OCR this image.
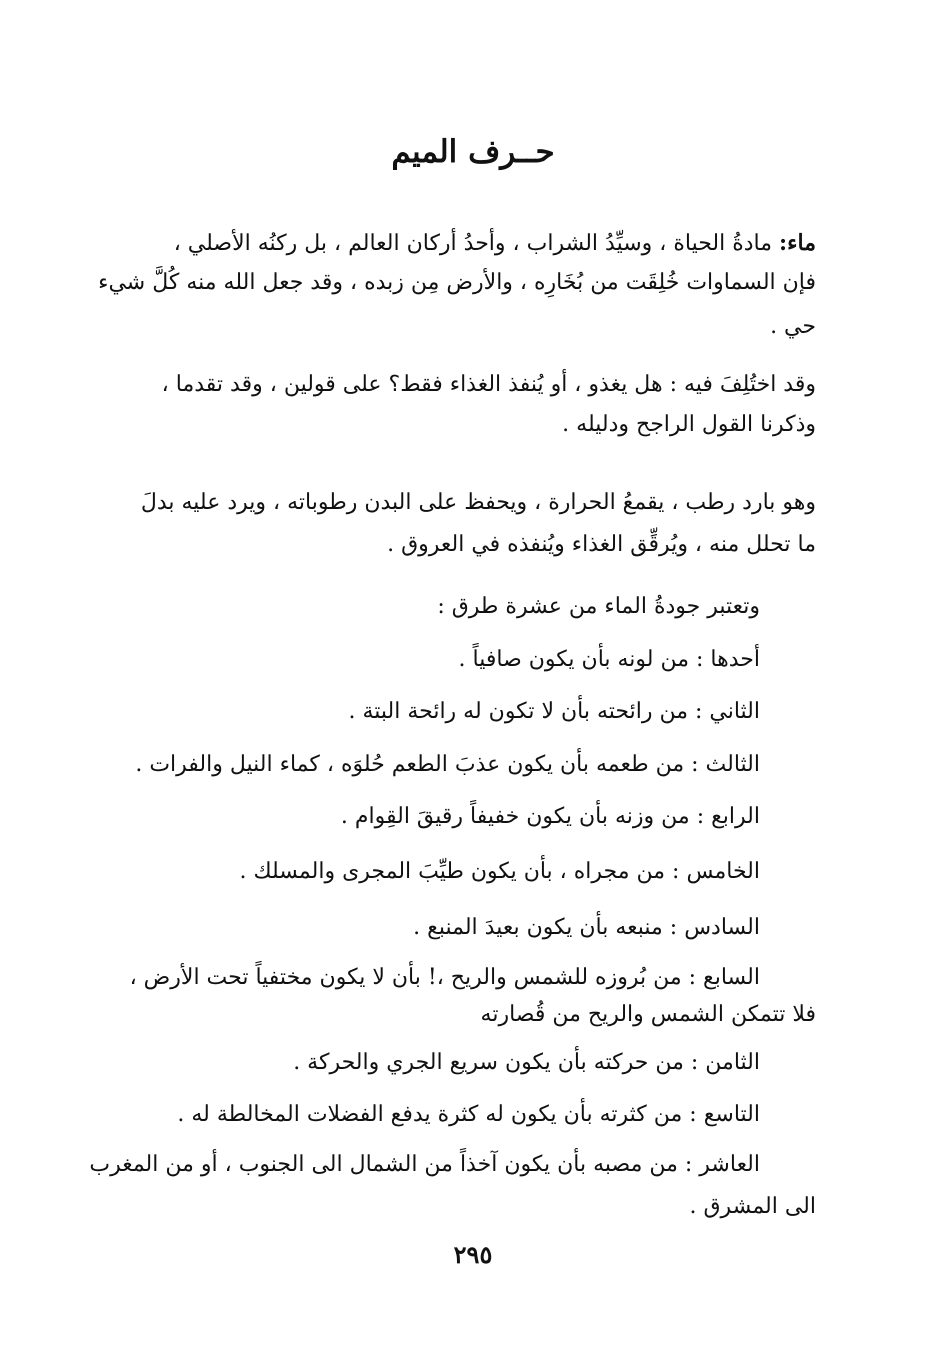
حــرف الميم
ماء: مادةُ الحياة ، وسيِّدُ الشراب ، وأحدُ أركان العالم ، بل ركنُه الأصلي ،
فإن السماوات خُلِقَت من بُخَارِه ، والأرض مِن زبده ، وقد جعل الله منه كُلَّ شيء
حي .
وقد اختُلِفَ فيه : هل يغذو ، أو يُنفذ الغذاء فقط؟ على قولين ، وقد تقدما ،
وذكرنا القول الراجح ودليله .
وهو بارد رطب ، يقمعُ الحرارة ، ويحفظ على البدن رطوباته ، ويرد عليه بدلَ
ما تحلل منه ، ويُرقِّق الغذاء ويُنفذه في العروق .
وتعتبر جودةُ الماء من عشرة طرق :
أحدها : من لونه بأن يكون صافياً .
الثاني : من رائحته بأن لا تكون له رائحة البتة .
الثالث : من طعمه بأن يكون عذبَ الطعم حُلوَه ، كماء النيل والفرات .
الرابع : من وزنه بأن يكون خفيفاً رقيقَ القِوام .
الخامس : من مجراه ، بأن يكون طيِّبَ المجرى والمسلك .
السادس : منبعه بأن يكون بعيدَ المنبع .
السابع : من بُروزه للشمس والريح ،! بأن لا يكون مختفياً تحت الأرض ،
فلا تتمكن الشمس والريح من قُصارته
الثامن : من حركته بأن يكون سريع الجري والحركة .
التاسع : من كثرته بأن يكون له كثرة يدفع الفضلات المخالطة له .
العاشر : من مصبه بأن يكون آخذاً من الشمال الى الجنوب ، أو من المغرب
الى المشرق .
٢٩٥
